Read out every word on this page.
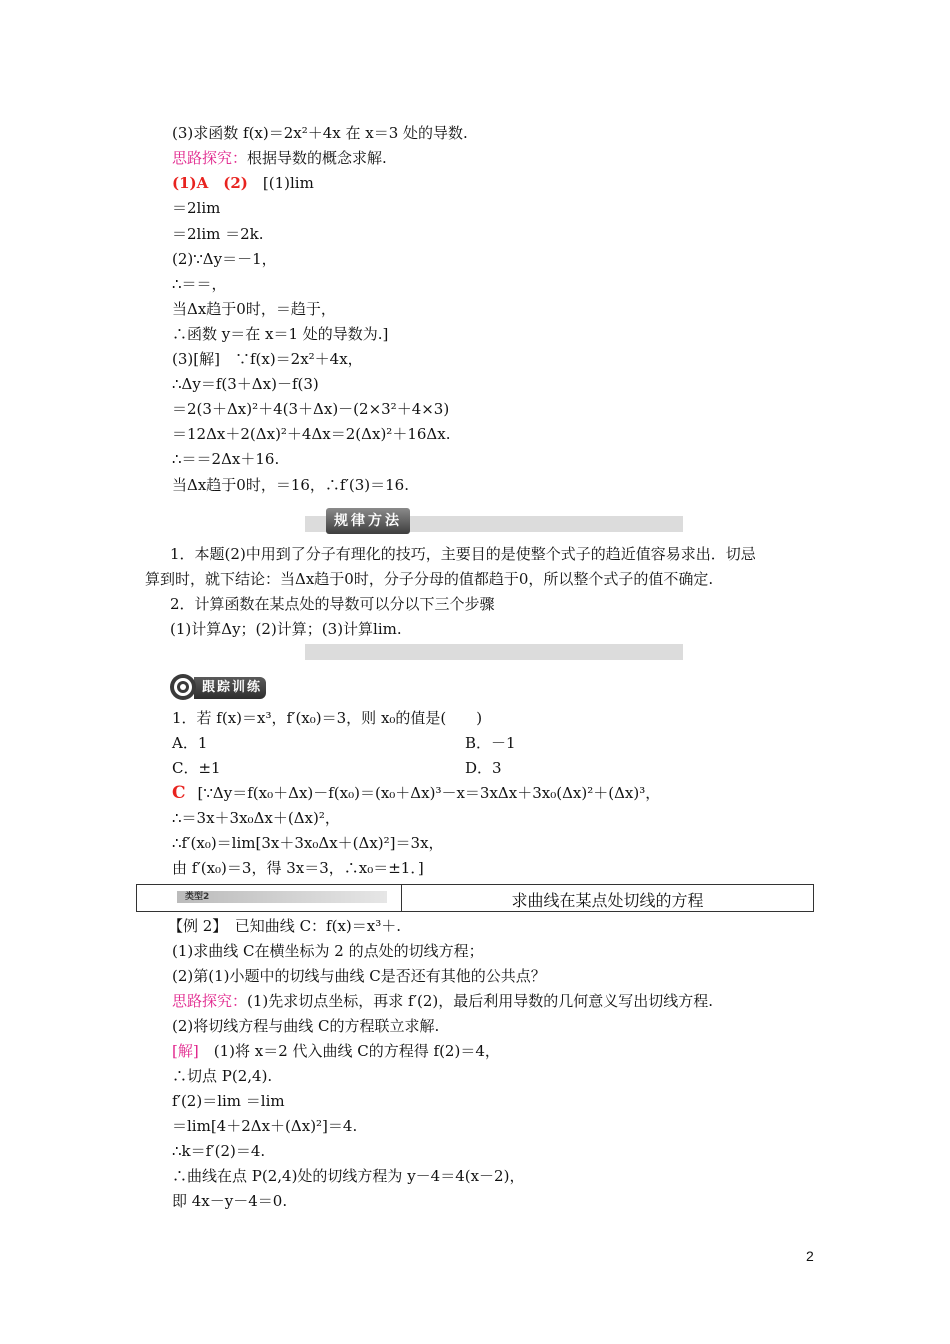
(3)求函数 f(x)＝2x²＋4x 在 x＝3 处的导数.
思路探究：根据导数的概念求解.
(1)A　(2)　[(1)lim
＝2lim
＝2lim ＝2k.
(2)∵Δy＝－1，
∴＝＝，
当Δx趋于0时，＝趋于，
∴函数 y＝在 x＝1 处的导数为.]
(3)[解]　∵f(x)＝2x²＋4x，
∴Δy＝f(3＋Δx)－f(3)
＝2(3＋Δx)²＋4(3＋Δx)－(2×3²＋4×3)
＝12Δx＋2(Δx)²＋4Δx＝2(Δx)²＋16Δx.
∴＝＝2Δx＋16.
当Δx趋于0时，＝16，∴f′(3)＝16.
规律方法
1．本题(2)中用到了分子有理化的技巧，主要目的是使整个式子的趋近值容易求出．切忌
算到时，就下结论：当Δx趋于0时，分子分母的值都趋于0，所以整个式子的值不确定.
2．计算函数在某点处的导数可以分以下三个步骤
(1)计算Δy；(2)计算；(3)计算lim.
跟踪训练
1．若 f(x)＝x³，f′(x₀)＝3，则 x₀的值是(　　)
A．1	B．－1
C．±1	D．3
C [∵Δy＝f(x₀＋Δx)－f(x₀)＝(x₀＋Δx)³－x＝3xΔx＋3x₀(Δx)²＋(Δx)³，
∴＝3x＋3x₀Δx＋(Δx)²，
∴f′(x₀)＝lim[3x＋3x₀Δx＋(Δx)²]＝3x，
由 f′(x₀)＝3，得 3x＝3，∴x₀＝±1．]
类型2	求曲线在某点处切线的方程
【例 2】　已知曲线 C：f(x)＝x³＋.
(1)求曲线 C在横坐标为 2 的点处的切线方程；
(2)第(1)小题中的切线与曲线 C是否还有其他的公共点？
思路探究：(1)先求切点坐标，再求 f′(2)，最后利用导数的几何意义写出切线方程.
(2)将切线方程与曲线 C的方程联立求解.
[解]　(1)将 x＝2 代入曲线 C的方程得 f(2)＝4，
∴切点 P(2,4).
f′(2)＝lim ＝lim
＝lim[4＋2Δx＋(Δx)²]＝4.
∴k＝f′(2)＝4.
∴曲线在点 P(2,4)处的切线方程为 y－4＝4(x－2)，
即 4x－y－4＝0.
2
